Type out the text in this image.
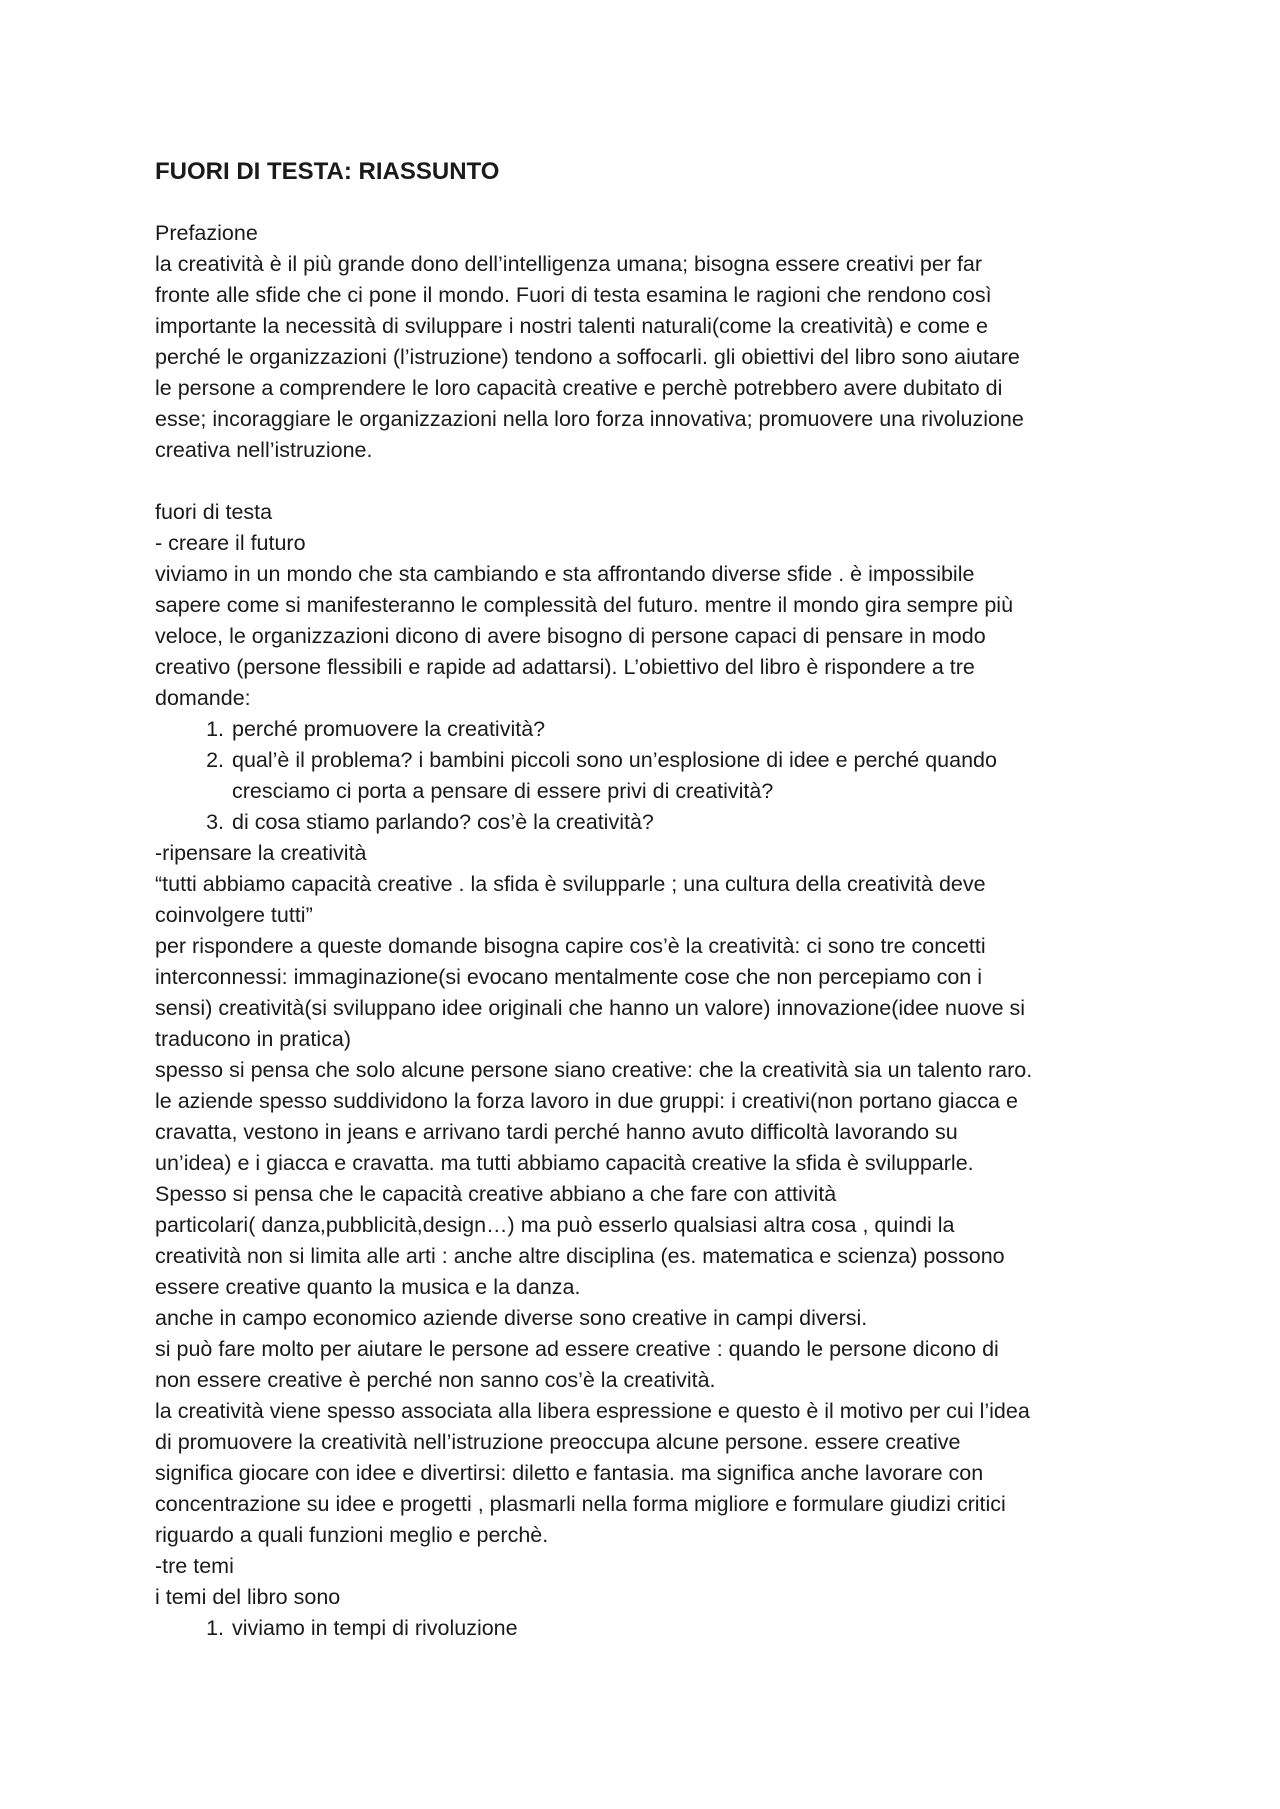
FUORI DI TESTA: RIASSUNTO

Prefazione

la creatività è il più grande dono dell’intelligenza umana; bisogna essere creativi per far

fronte alle sfide che ci pone il mondo. Fuori di testa esamina le ragioni che rendono così

importante la necessità di sviluppare i nostri talenti naturali(come la creatività) e come e

perché le organizzazioni (l’istruzione) tendono a soffocarli. gli obiettivi del libro sono aiutare

le persone a comprendere le loro capacità creative e perchè potrebbero avere dubitato di

esse; incoraggiare le organizzazioni nella loro forza innovativa; promuovere una rivoluzione

creativa nell’istruzione.

fuori di testa

- creare il futuro

viviamo in un mondo che sta cambiando e sta affrontando diverse sfide . è impossibile

sapere come si manifesteranno le complessità del futuro. mentre il mondo gira sempre più

veloce, le organizzazioni dicono di avere bisogno di persone capaci di pensare in modo

creativo (persone flessibili e rapide ad adattarsi). L’obiettivo del libro è rispondere a tre

domande:

1. perché promuovere la creatività?
2. qual’è il problema? i bambini piccoli sono un’esplosione di idee e perché quando
cresciamo ci porta a pensare di essere privi di creatività?
3. di cosa stiamo parlando? cos’è la creatività?

-ripensare la creatività

“tutti abbiamo capacità creative . la sfida è svilupparle ; una cultura della creatività deve

coinvolgere tutti”

per rispondere a queste domande bisogna capire cos’è la creatività: ci sono tre concetti

interconnessi: immaginazione(si evocano mentalmente cose che non percepiamo con i

sensi) creatività(si sviluppano idee originali che hanno un valore) innovazione(idee nuove si

traducono in pratica)

spesso si pensa che solo alcune persone siano creative: che la creatività sia un talento raro.

le aziende spesso suddividono la forza lavoro in due gruppi: i creativi(non portano giacca e

cravatta, vestono in jeans e arrivano tardi perché hanno avuto difficoltà lavorando su

un’idea) e i giacca e cravatta. ma tutti abbiamo capacità creative la sfida è svilupparle.

Spesso si pensa che le capacità creative abbiano a che fare con attività

particolari( danza,pubblicità,design…) ma può esserlo qualsiasi altra cosa , quindi la

creatività non si limita alle arti : anche altre disciplina (es. matematica e scienza) possono

essere creative quanto la musica e la danza.

anche in campo economico aziende diverse sono creative in campi diversi.

si può fare molto per aiutare le persone ad essere creative : quando le persone dicono di

non essere creative è perché non sanno cos’è la creatività.

la creatività viene spesso associata alla libera espressione e questo è il motivo per cui l’idea

di promuovere la creatività nell’istruzione preoccupa alcune persone. essere creative

significa giocare con idee e divertirsi: diletto e fantasia. ma significa anche lavorare con

concentrazione su idee e progetti , plasmarli nella forma migliore e formulare giudizi critici

riguardo a quali funzioni meglio e perchè.

-tre temi

i temi del libro sono

1. viviamo in tempi di rivoluzione
